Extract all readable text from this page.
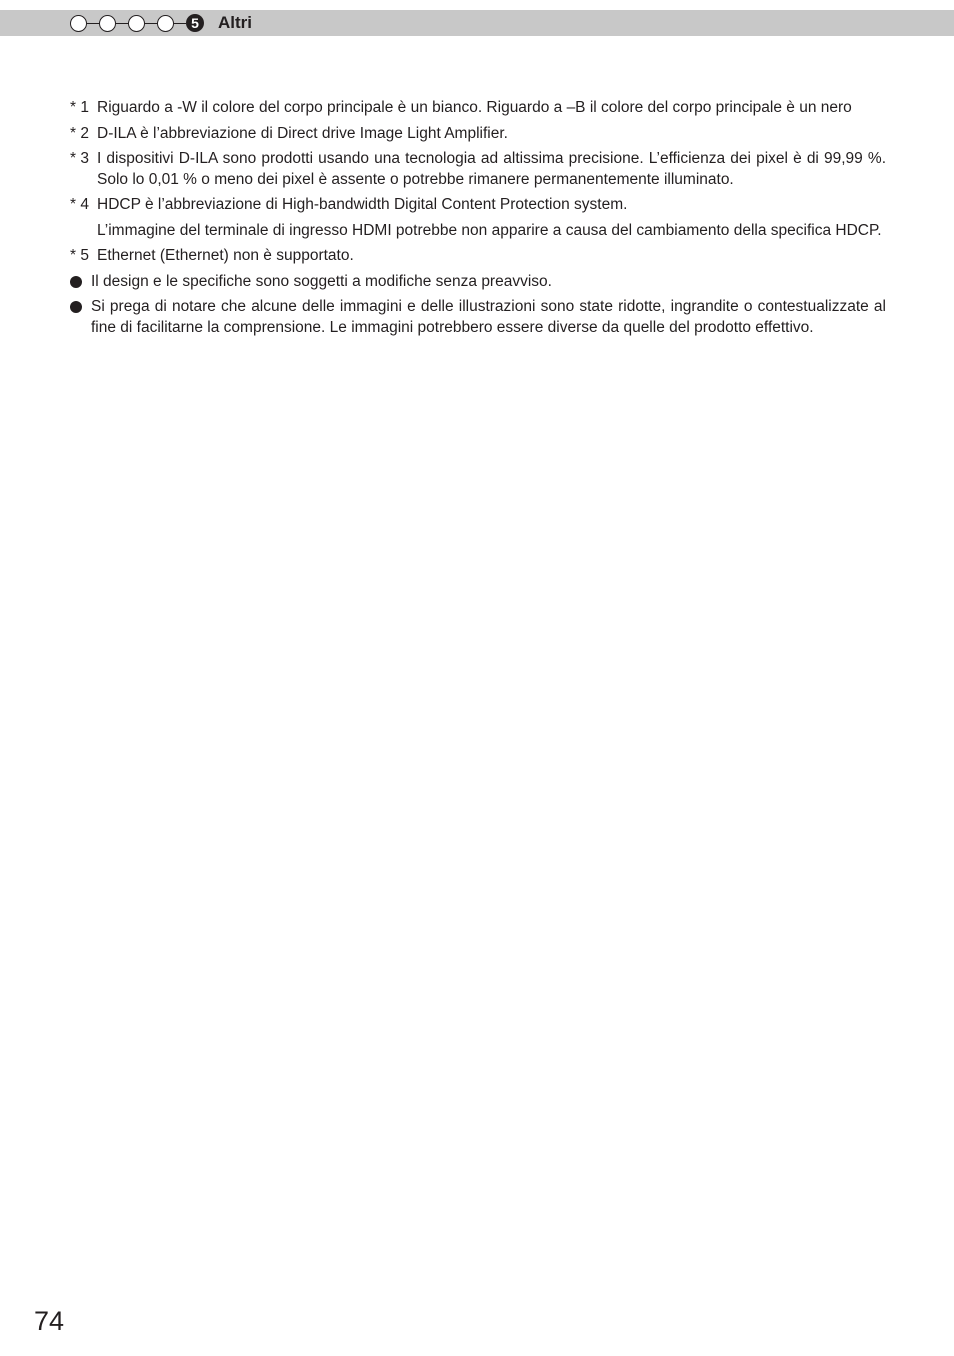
5	Altri
* 1 Riguardo a -W il colore del corpo principale è un bianco. Riguardo a –B il colore del corpo principale è un nero
* 2 D-ILA è l’abbreviazione di Direct drive Image Light Amplifier.
* 3 I dispositivi D-ILA sono prodotti usando una tecnologia ad altissima precisione. L’efficienza dei pixel è di 99,99 %. Solo lo 0,01 % o meno dei pixel è assente o potrebbe rimanere permanentemente illuminato.
* 4 HDCP è l’abbreviazione di High-bandwidth Digital Content Protection system.
L’immagine del terminale di ingresso HDMI potrebbe non apparire a causa del cambiamento della specifica HDCP.
* 5 Ethernet (Ethernet) non è supportato.
Il design e le specifiche sono soggetti a modifiche senza preavviso.
Si prega di notare che alcune delle immagini e delle illustrazioni sono state ridotte, ingrandite o contestualizzate al fine di facilitarne la comprensione. Le immagini potrebbero essere diverse da quelle del prodotto effettivo.
74
